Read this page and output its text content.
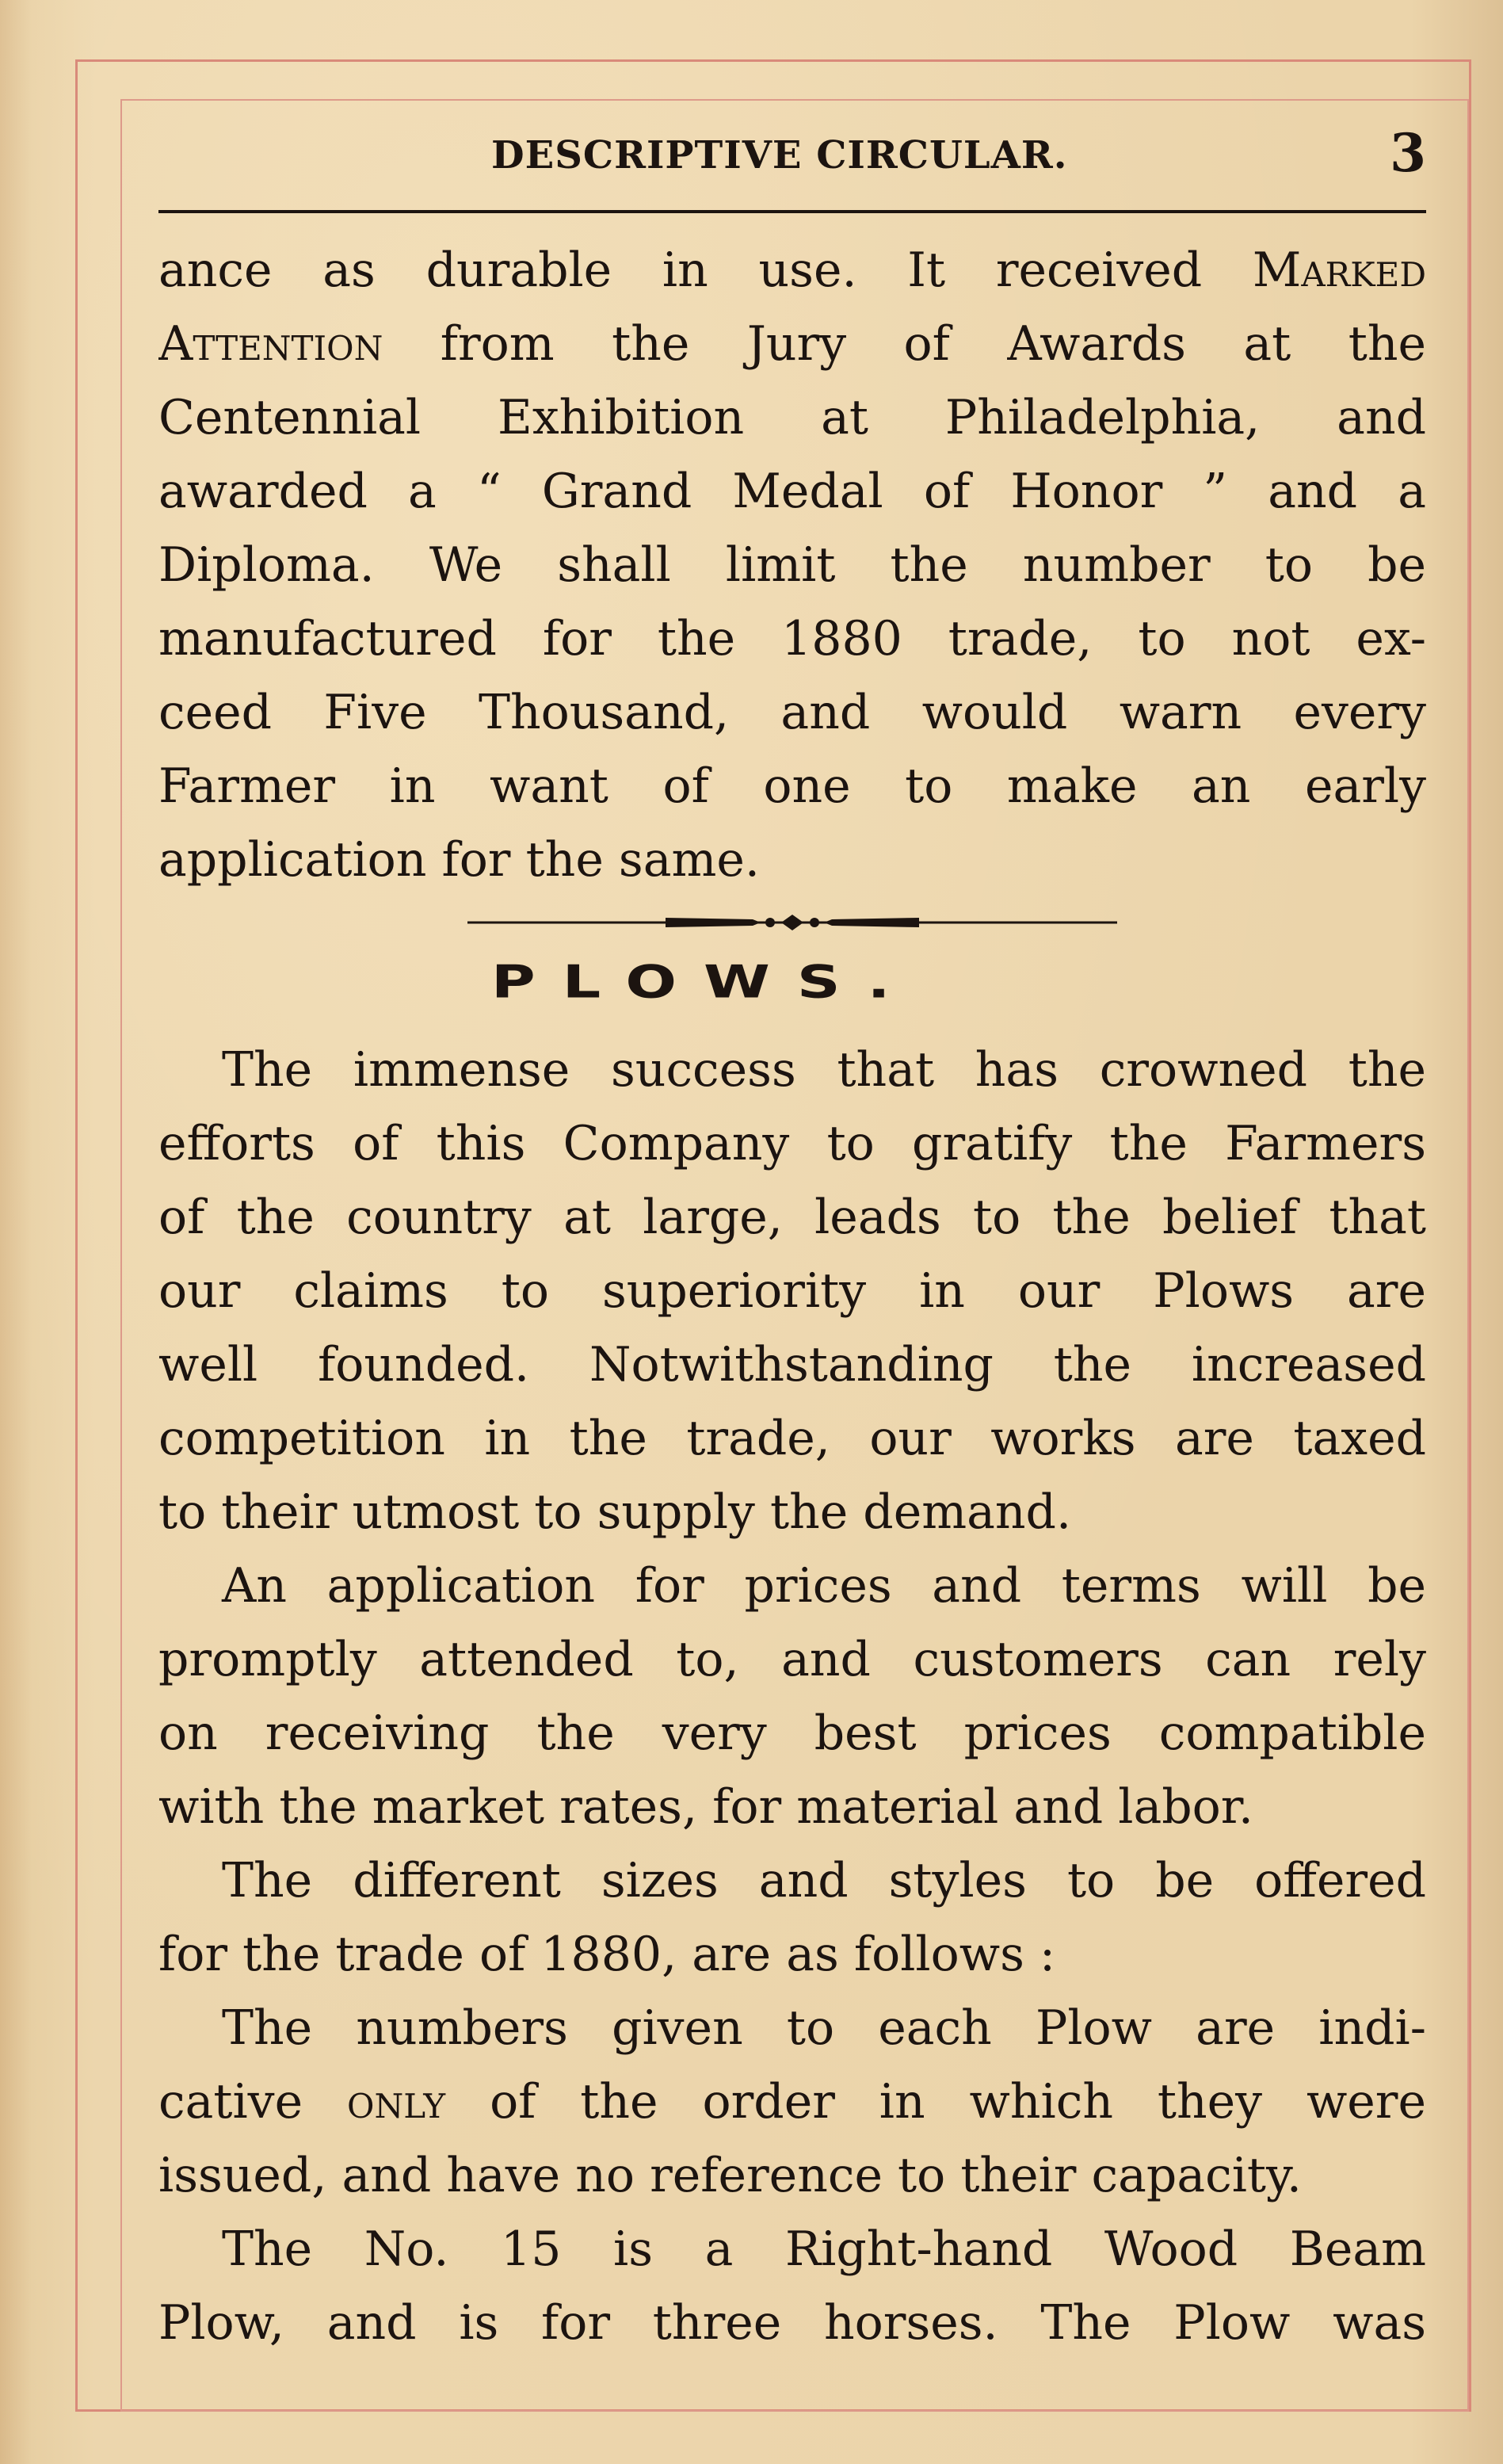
DESCRIPTIVE CIRCULAR.	3
ance as durable in use. It received Marked
Attention from the Jury of Awards at the
Centennial Exhibition at Philadelphia, and
awarded a “ Grand Medal of Honor ” and a
Diploma. We shall limit the number to be
manufactured for the 1880 trade, to not ex-
ceed Five Thousand, and would warn every
Farmer in want of one to make an early
application for the same.
PLOWS.
The immense success that has crowned the
efforts of this Company to gratify the Farmers
of the country at large, leads to the belief that
our claims to superiority in our Plows are
well founded. Notwithstanding the increased
competition in the trade, our works are taxed
to their utmost to supply the demand.
An application for prices and terms will be
promptly attended to, and customers can rely
on receiving the very best prices compatible
with the market rates, for material and labor.
The different sizes and styles to be offered
for the trade of 1880, are as follows :
The numbers given to each Plow are indi-
cative only of the order in which they were
issued, and have no reference to their capacity.
The No. 15 is a Right-hand Wood Beam
Plow, and is for three horses. The Plow was
